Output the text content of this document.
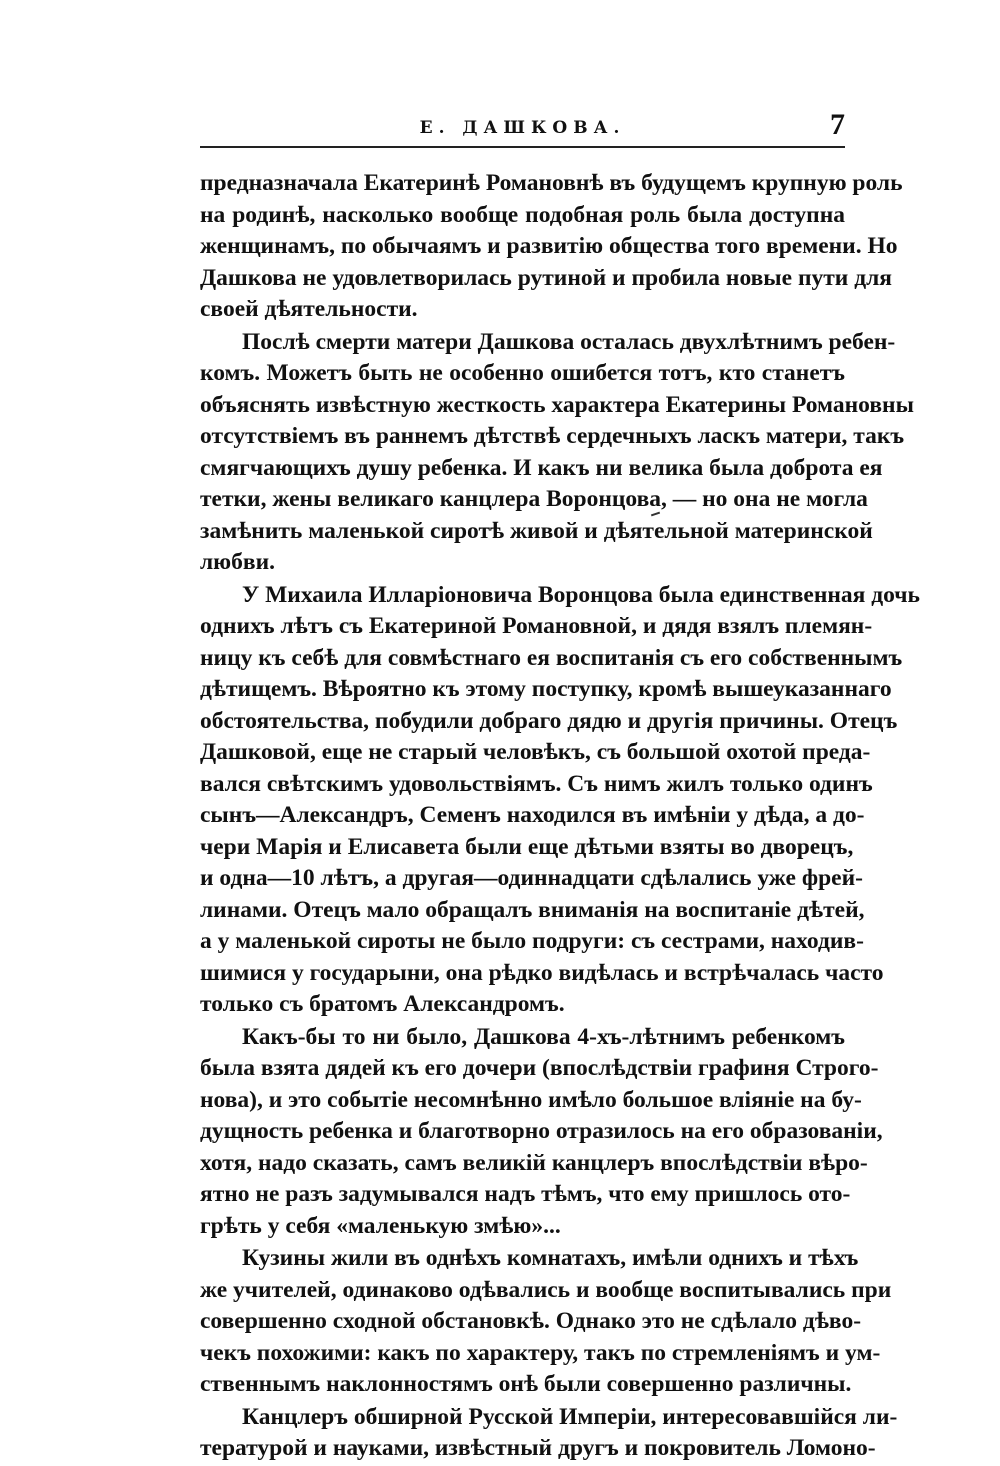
Е. ДАШКОВА.	7

предназначала Екатеринѣ Романовнѣ въ будущемъ крупную роль
на родинѣ, насколько вообще подобная роль была доступна
женщинамъ, по обычаямъ и развитію общества того времени. Но
Дашкова не удовлетворилась рутиной и пробила новые пути для
своей дѣятельности.

Послѣ смерти матери Дашкова осталась двухлѣтнимъ ребен-
комъ. Можетъ быть не особенно ошибется тотъ, кто станетъ
объяснять извѣстную жесткость характера Екатерины Романовны
отсутствіемъ въ раннемъ дѣтствѣ сердечныхъ ласкъ матери, такъ
смягчающихъ душу ребенка. И какъ ни велика была доброта ея
тетки, жены великаго канцлера Воронцова, — но она не могла
замѣнить маленькой сиротѣ живой и дѣятельной материнской
любви.

У Михаила Илларіоновича Воронцова была единственная дочь
однихъ лѣтъ съ Екатериной Романовной, и дядя взялъ племян-
ницу къ себѣ для совмѣстнаго ея воспитанія съ его собственнымъ
дѣтищемъ. Вѣроятно къ этому поступку, кромѣ вышеуказаннаго
обстоятельства, побудили добраго дядю и другія причины. Отецъ
Дашковой, еще не старый человѣкъ, съ большой охотой преда-
вался свѣтскимъ удовольствіямъ. Съ нимъ жилъ только одинъ
сынъ—Александръ, Семенъ находился въ имѣніи у дѣда, а до-
чери Марія и Елисавета были еще дѣтьми взяты во дворецъ,
и одна—10 лѣтъ, а другая—одиннадцати сдѣлались уже фрей-
линами. Отецъ мало обращалъ вниманія на воспитаніе дѣтей,
а у маленькой сироты не было подруги: съ сестрами, находив-
шимися у государыни, она рѣдко видѣлась и встрѣчалась часто
только съ братомъ Александромъ.

Какъ-бы то ни было, Дашкова 4-хъ-лѣтнимъ ребенкомъ
была взята дядей къ его дочери (впослѣдствіи графиня Строго-
нова), и это событіе несомнѣнно имѣло большое вліяніе на бу-
дущность ребенка и благотворно отразилось на его образованіи,
хотя, надо сказать, самъ великій канцлеръ впослѣдствіи вѣро-
ятно не разъ задумывался надъ тѣмъ, что ему пришлось ото-
грѣть у себя «маленькую змѣю»...

Кузины жили въ однѣхъ комнатахъ, имѣли однихъ и тѣхъ
же учителей, одинаково одѣвались и вообще воспитывались при
совершенно сходной обстановкѣ. Однако это не сдѣлало дѣво-
чекъ похожими: какъ по характеру, такъ по стремленіямъ и ум-
ственнымъ наклонностямъ онѣ были совершенно различны.

Канцлеръ обширной Русской Имперіи, интересовавшійся ли-
тературой и науками, извѣстный другъ и покровитель Ломоно-
